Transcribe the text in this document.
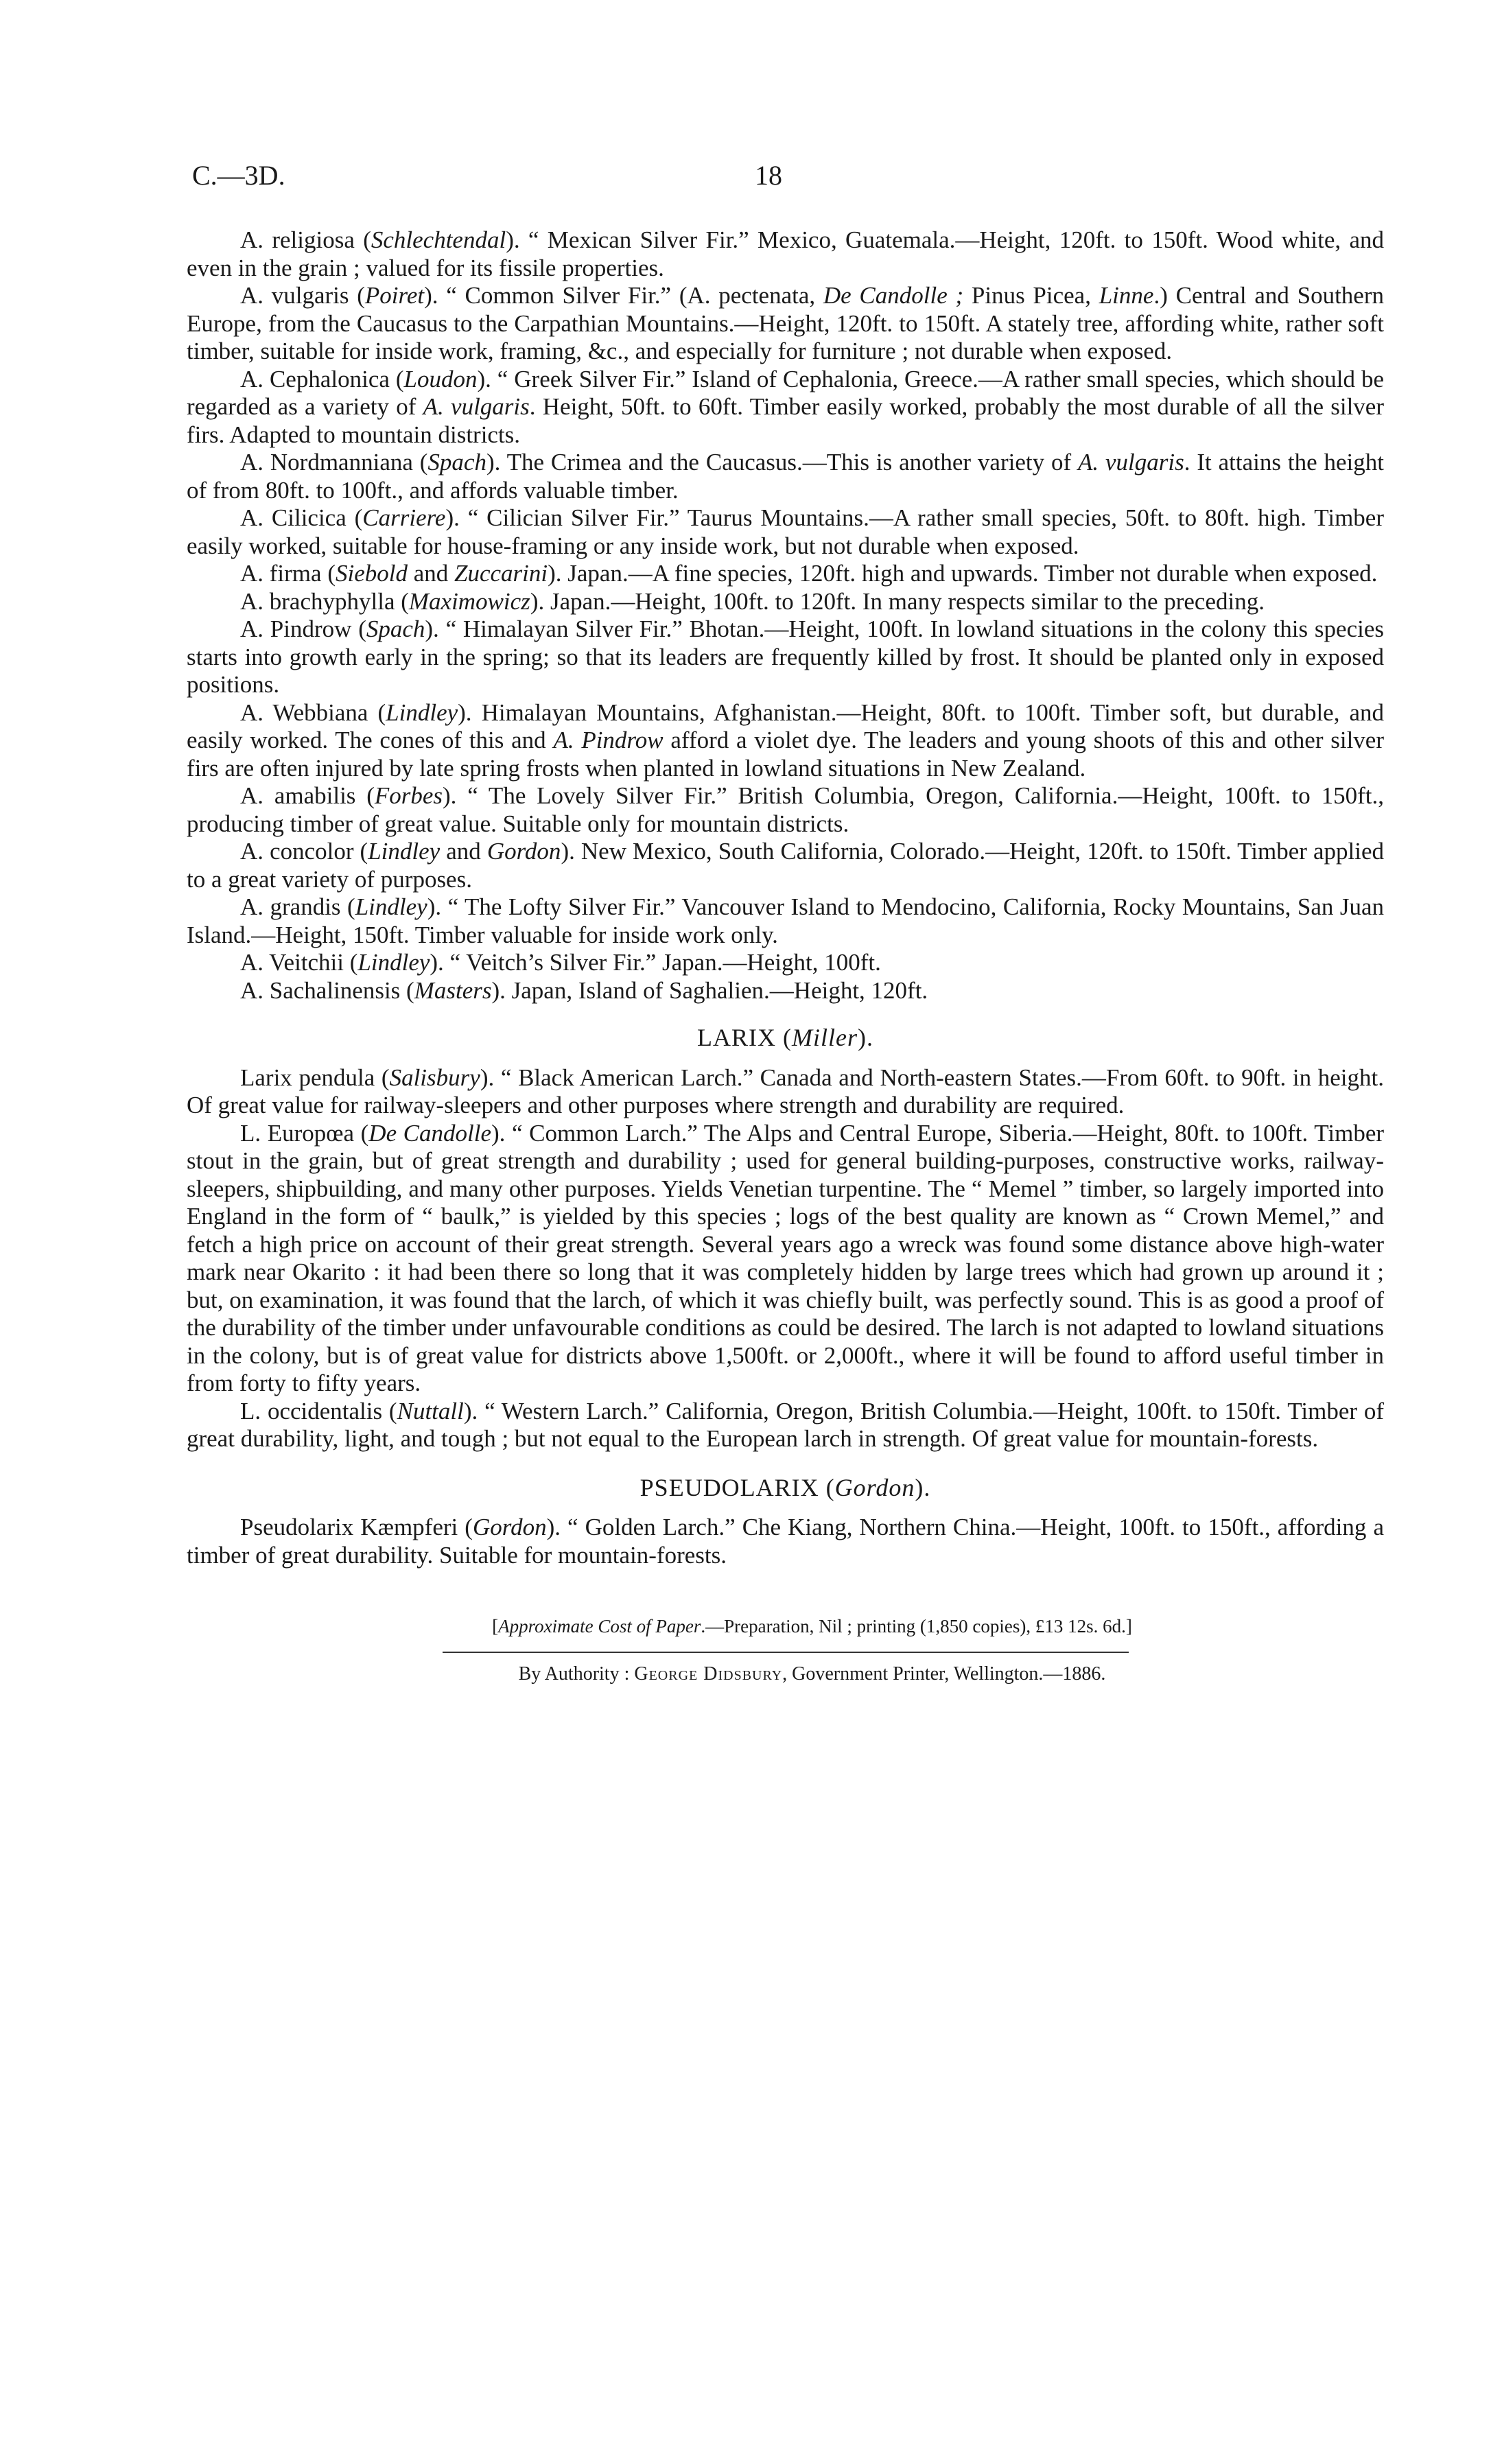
C.—3D.	18

A. religiosa (Schlechtendal). “ Mexican Silver Fir.” Mexico, Guatemala.—Height, 120ft. to 150ft. Wood white, and even in the grain ; valued for its fissile properties.

A. vulgaris (Poiret). “ Common Silver Fir.” (A. pectenata, De Candolle ; Pinus Picea, Linne.) Central and Southern Europe, from the Caucasus to the Carpathian Mountains.—Height, 120ft. to 150ft. A stately tree, affording white, rather soft timber, suitable for inside work, framing, &c., and especially for furniture ; not durable when exposed.

A. Cephalonica (Loudon). “ Greek Silver Fir.” Island of Cephalonia, Greece.—A rather small species, which should be regarded as a variety of A. vulgaris. Height, 50ft. to 60ft. Timber easily worked, probably the most durable of all the silver firs. Adapted to mountain districts.

A. Nordmanniana (Spach). The Crimea and the Caucasus.—This is another variety of A. vulgaris. It attains the height of from 80ft. to 100ft., and affords valuable timber.

A. Cilicica (Carriere). “ Cilician Silver Fir.” Taurus Mountains.—A rather small species, 50ft. to 80ft. high. Timber easily worked, suitable for house-framing or any inside work, but not durable when exposed.

A. firma (Siebold and Zuccarini). Japan.—A fine species, 120ft. high and upwards. Timber not durable when exposed.

A. brachyphylla (Maximowicz). Japan.—Height, 100ft. to 120ft. In many respects similar to the preceding.

A. Pindrow (Spach). “ Himalayan Silver Fir.” Bhotan.—Height, 100ft. In lowland situations in the colony this species starts into growth early in the spring; so that its leaders are frequently killed by frost. It should be planted only in exposed positions.

A. Webbiana (Lindley). Himalayan Mountains, Afghanistan.—Height, 80ft. to 100ft. Timber soft, but durable, and easily worked. The cones of this and A. Pindrow afford a violet dye. The leaders and young shoots of this and other silver firs are often injured by late spring frosts when planted in lowland situations in New Zealand.

A. amabilis (Forbes). “ The Lovely Silver Fir.” British Columbia, Oregon, California.—Height, 100ft. to 150ft., producing timber of great value. Suitable only for mountain districts.

A. concolor (Lindley and Gordon). New Mexico, South California, Colorado.—Height, 120ft. to 150ft. Timber applied to a great variety of purposes.

A. grandis (Lindley). “ The Lofty Silver Fir.” Vancouver Island to Mendocino, California, Rocky Mountains, San Juan Island.—Height, 150ft. Timber valuable for inside work only.

A. Veitchii (Lindley). “ Veitch’s Silver Fir.” Japan.—Height, 100ft.

A. Sachalinensis (Masters). Japan, Island of Saghalien.—Height, 120ft.

LARIX (Miller).

Larix pendula (Salisbury). “ Black American Larch.” Canada and North-eastern States.—From 60ft. to 90ft. in height. Of great value for railway-sleepers and other purposes where strength and durability are required.

L. Europœa (De Candolle). “ Common Larch.” The Alps and Central Europe, Siberia.—Height, 80ft. to 100ft. Timber stout in the grain, but of great strength and durability ; used for general building-purposes, constructive works, railway-sleepers, shipbuilding, and many other purposes. Yields Venetian turpentine. The “ Memel ” timber, so largely imported into England in the form of “ baulk,” is yielded by this species ; logs of the best quality are known as “ Crown Memel,” and fetch a high price on account of their great strength. Several years ago a wreck was found some distance above high-water mark near Okarito : it had been there so long that it was completely hidden by large trees which had grown up around it ; but, on examination, it was found that the larch, of which it was chiefly built, was perfectly sound. This is as good a proof of the durability of the timber under unfavourable conditions as could be desired. The larch is not adapted to lowland situations in the colony, but is of great value for districts above 1,500ft. or 2,000ft., where it will be found to afford useful timber in from forty to fifty years.

L. occidentalis (Nuttall). “ Western Larch.” California, Oregon, British Columbia.—Height, 100ft. to 150ft. Timber of great durability, light, and tough ; but not equal to the European larch in strength. Of great value for mountain-forests.

PSEUDOLARIX (Gordon).

Pseudolarix Kæmpferi (Gordon). “ Golden Larch.” Che Kiang, Northern China.—Height, 100ft. to 150ft., affording a timber of great durability. Suitable for mountain-forests.

[Approximate Cost of Paper.—Preparation, Nil ; printing (1,850 copies), £13 12s. 6d.]

By Authority : George Didsbury, Government Printer, Wellington.—1886.
